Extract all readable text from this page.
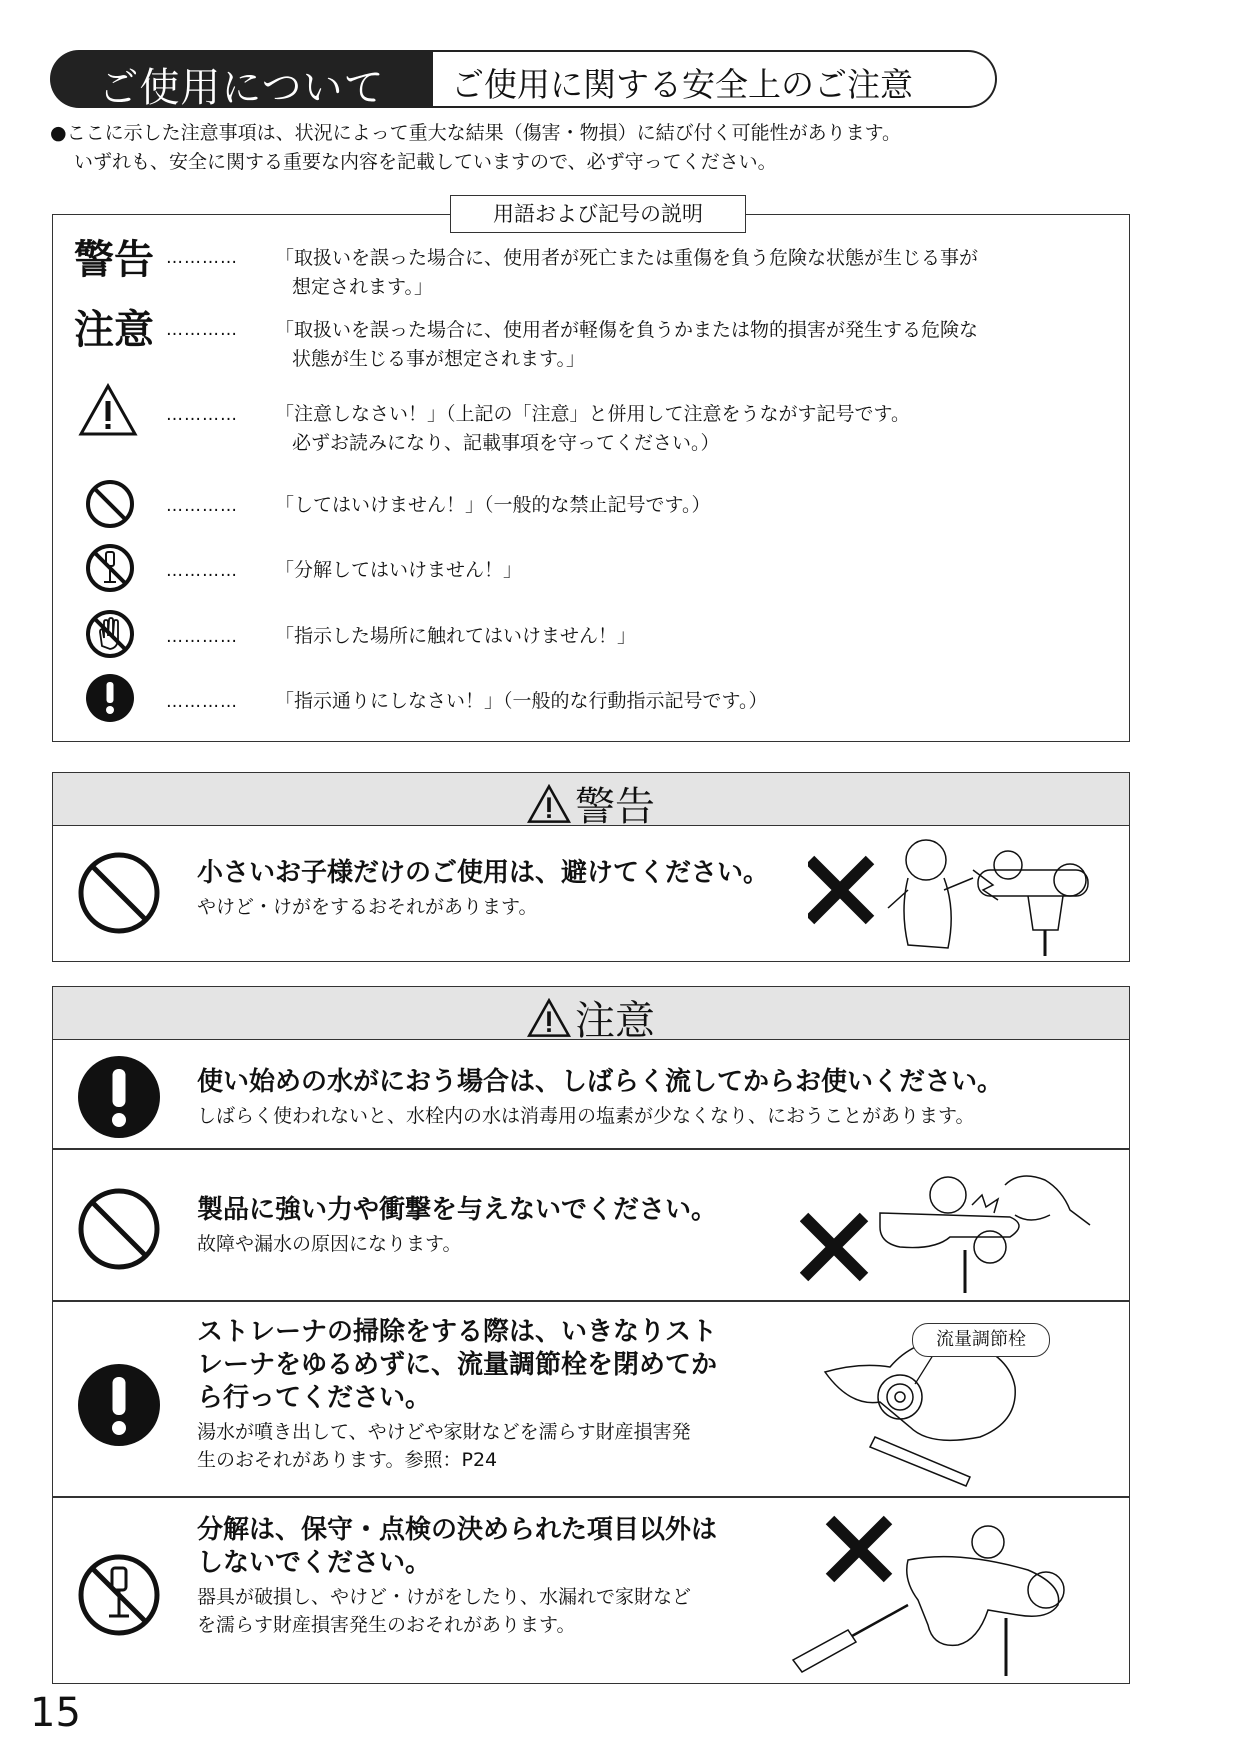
ご使用について	ご使用に関する安全上のご注意
●ここに示した注意事項は、状況によって重大な結果（傷害・物損）に結び付く可能性があります。
いずれも、安全に関する重要な内容を記載していますので、必ず守ってください。
用語および記号の説明
警告 ………… 「取扱いを誤った場合に、使用者が死亡または重傷を負う危険な状態が生じる事が
想定されます。」
注意 ………… 「取扱いを誤った場合に、使用者が軽傷を負うかまたは物的損害が発生する危険な
状態が生じる事が想定されます。」
………… 「注意しなさい！」（上記の「注意」と併用して注意をうながす記号です。
必ずお読みになり、記載事項を守ってください。）
………… 「してはいけません！」（一般的な禁止記号です。）
………… 「分解してはいけません！」
………… 「指示した場所に触れてはいけません！」
………… 「指示通りにしなさい！」（一般的な行動指示記号です。）
警告
小さいお子様だけのご使用は、避けてください。
やけど・けがをするおそれがあります。
注意
使い始めの水がにおう場合は、しばらく流してからお使いください。
しばらく使われないと、水栓内の水は消毒用の塩素が少なくなり、におうことがあります。
製品に強い力や衝撃を与えないでください。
故障や漏水の原因になります。
ストレーナの掃除をする際は、いきなりスト
レーナをゆるめずに、流量調節栓を閉めてか
ら行ってください。
湯水が噴き出して、やけどや家財などを濡らす財産損害発
生のおそれがあります。参照：P24
流量調節栓
分解は、保守・点検の決められた項目以外は
しないでください。
器具が破損し、やけど・けがをしたり、水漏れで家財など
を濡らす財産損害発生のおそれがあります。
15
